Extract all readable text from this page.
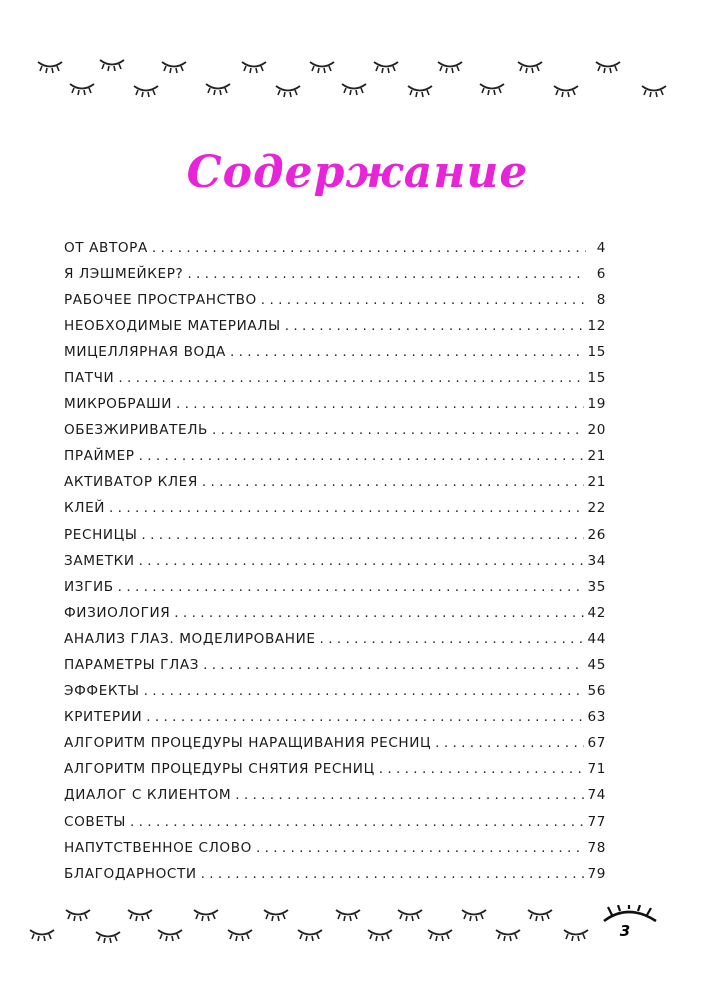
Содержание
ОТ АВТОРА . . .	4
Я ЛЭШМЕЙКЕР? . . .	6
РАБОЧЕЕ ПРОСТРАНСТВО . . .	8
НЕОБХОДИМЫЕ МАТЕРИАЛЫ . . .	12
МИЦЕЛЛЯРНАЯ ВОДА . . .	15
ПАТЧИ . . .	15
МИКРОБРАШИ . . .	19
ОБЕЗЖИРИВАТЕЛЬ . . .	20
ПРАЙМЕР . . .	21
АКТИВАТОР КЛЕЯ . . .	21
КЛЕЙ . . .	22
РЕСНИЦЫ . . .	26
ЗАМЕТКИ . . .	34
ИЗГИБ . . .	35
ФИЗИОЛОГИЯ . . .	42
АНАЛИЗ ГЛАЗ. МОДЕЛИРОВАНИЕ . . .	44
ПАРАМЕТРЫ ГЛАЗ . . .	45
ЭФФЕКТЫ . . .	56
КРИТЕРИИ . . .	63
АЛГОРИТМ ПРОЦЕДУРЫ НАРАЩИВАНИЯ РЕСНИЦ . . .	67
АЛГОРИТМ ПРОЦЕДУРЫ СНЯТИЯ РЕСНИЦ . . .	71
ДИАЛОГ С КЛИЕНТОМ . . .	74
СОВЕТЫ . . .	77
НАПУТСТВЕННОЕ СЛОВО . . .	78
БЛАГОДАРНОСТИ . . .	79
3
